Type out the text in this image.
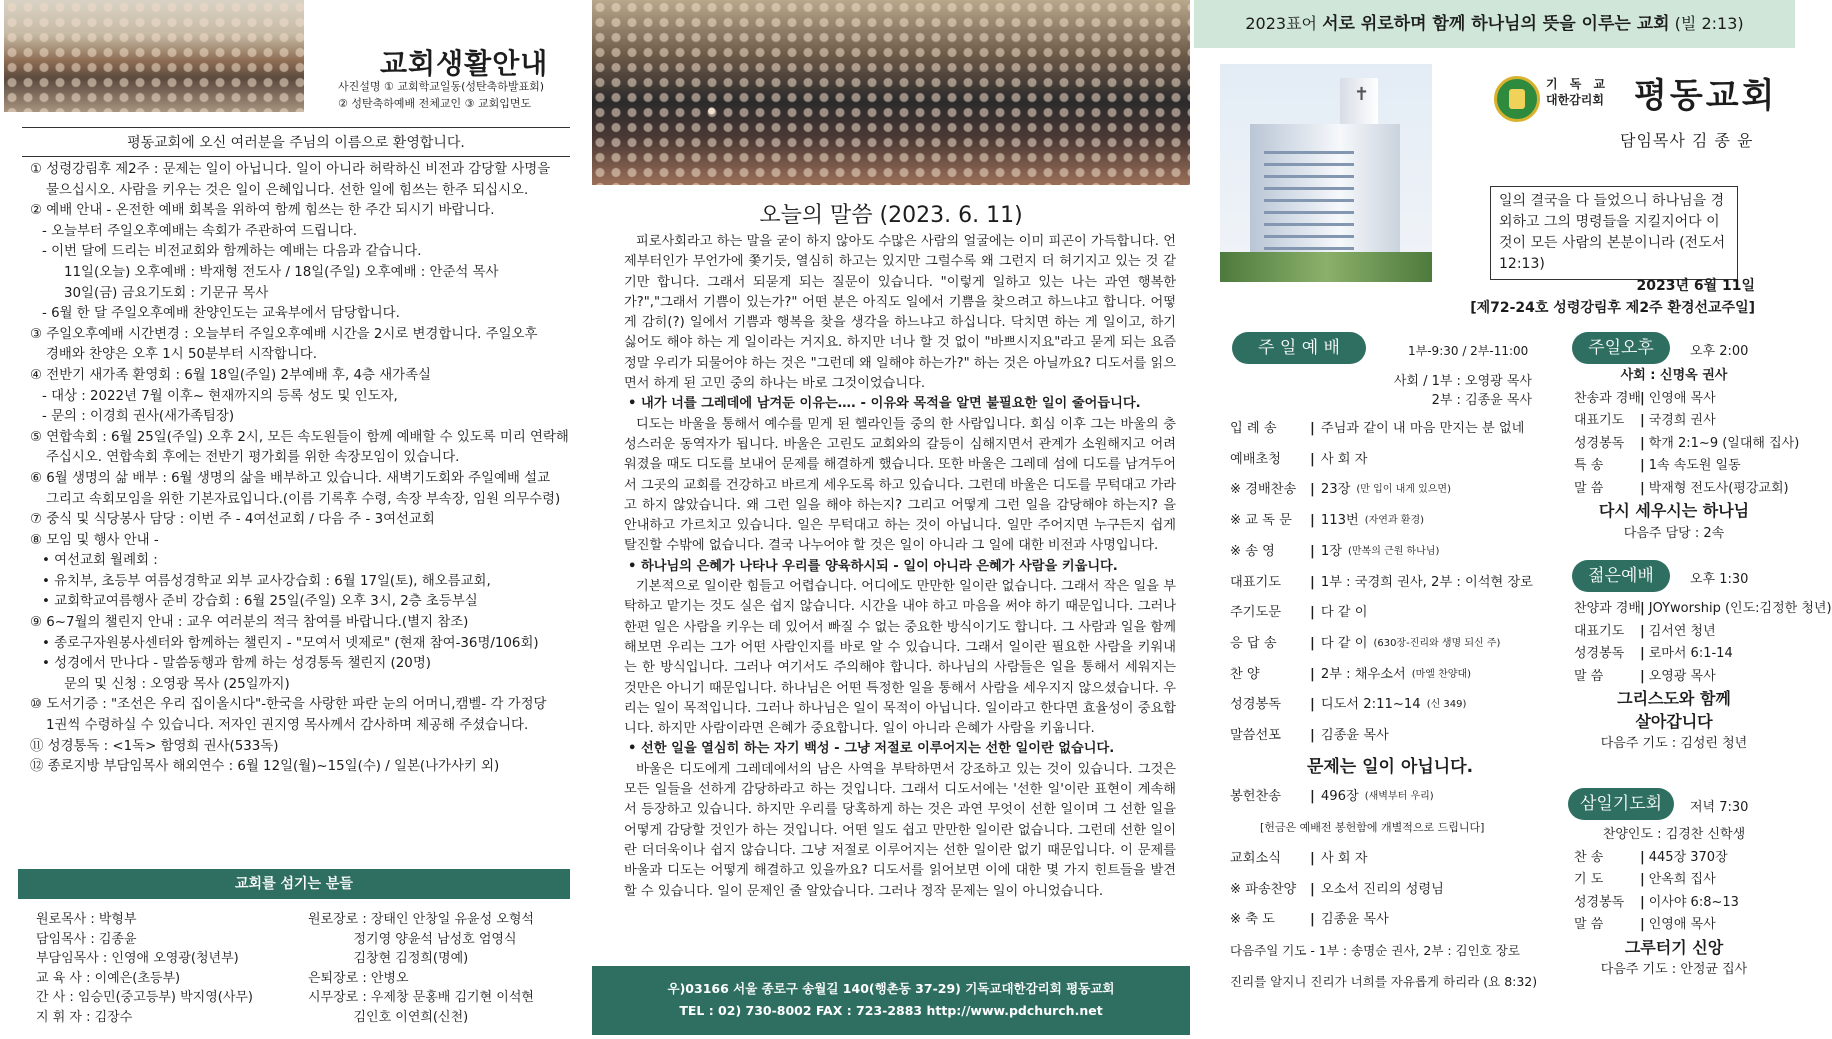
교회생활안내
사진설명 ① 교회학교일동(성탄축하발표회)
② 성탄축하예배 전체교인 ③ 교회입면도
평동교회에 오신 여러분을 주님의 이름으로 환영합니다.
① 성령강림후 제2주 : 문제는 일이 아닙니다. 일이 아니라 허락하신 비전과 감당할 사명을
물으십시오. 사람을 키우는 것은 일이 은혜입니다. 선한 일에 힘쓰는 한주 되십시오.
② 예배 안내 - 온전한 예배 회복을 위하여 함께 힘쓰는 한 주간 되시기 바랍니다.
- 오늘부터 주일오후예배는 속회가 주관하여 드립니다.
- 이번 달에 드리는 비전교회와 함께하는 예배는 다음과 같습니다.
11일(오늘) 오후예배 : 박재형 전도사 / 18일(주일) 오후예배 : 안준석 목사
30일(금) 금요기도회 : 기문규 목사
- 6월 한 달 주일오후예배 찬양인도는 교육부에서 담당합니다.
③ 주일오후예배 시간변경 : 오늘부터 주일오후예배 시간을 2시로 변경합니다. 주일오후
경배와 찬양은 오후 1시 50분부터 시작합니다.
④ 전반기 새가족 환영회 : 6월 18일(주일) 2부예배 후, 4층 새가족실
- 대상 : 2022년 7월 이후~ 현재까지의 등록 성도 및 인도자,
- 문의 : 이경희 권사(새가족팀장)
⑤ 연합속회 : 6월 25일(주일) 오후 2시, 모든 속도원들이 함께 예배할 수 있도록 미리 연락해
주십시오. 연합속회 후에는 전반기 평가회를 위한 속장모임이 있습니다.
⑥ 6월 생명의 삶 배부 : 6월 생명의 삶을 배부하고 있습니다. 새벽기도회와 주일예배 설교
그리고 속회모임을 위한 기본자료입니다.(이름 기록후 수령, 속장 부속장, 임원 의무수령)
⑦ 중식 및 식당봉사 담당 : 이번 주 - 4여선교회 / 다음 주 - 3여선교회
⑧ 모임 및 행사 안내 -
• 여선교회 월례회 :
• 유치부, 초등부 여름성경학교 외부 교사강습회 : 6월 17일(토), 해오름교회,
• 교회학교여름행사 준비 강습회 : 6월 25일(주일) 오후 3시, 2층 초등부실
⑨ 6~7월의 챌린지 안내 : 교우 여러분의 적극 참여를 바랍니다.(별지 참조)
• 종로구자원봉사센터와 함께하는 챌린지 - "모여서 넷제로" (현재 참여-36명/106회)
• 성경에서 만나다 - 말씀동행과 함께 하는 성경통독 챌린지 (20명)
문의 및 신청 : 오영광 목사 (25일까지)
⑩ 도서기증 : "조선은 우리 집이올시다"-한국을 사랑한 파란 눈의 어머니,캠벨- 각 가정당
1권씩 수령하실 수 있습니다. 저자인 권지영 목사께서 감사하며 제공해 주셨습니다.
⑪ 성경통독 : <1독> 함영희 권사(533독)
⑫ 종로지방 부담임목사 해외연수 : 6월 12일(월)~15일(수) / 일본(나가사키 외)
교회를 섬기는 분들
원로목사 : 박형부
담임목사 : 김종윤
부담임목사 : 인영애 오영광(청년부)
교 육 사 : 이예은(초등부)
간 사 : 임승민(중고등부) 박지영(사무)
지 휘 자 : 김장수
원로장로 : 장태인 안창일 유윤성 오형석
정기영 양윤석 남성호 엄영식
김창현 김정희(명예)
은퇴장로 : 안병오
시무장로 : 우제창 문홍배 김기현 이석현
김인호 이연희(신천)
오늘의 말씀 (2023. 6. 11)

피로사회라고 하는 말을 굳이 하지 않아도 수많은 사람의 얼굴에는 이미 피곤이 가득합니다. 언제부터인가 무언가에 쫓기듯, 열심히 하고는 있지만 그럴수록 왜 그런지 더 허기지고 있는 것 같기만 합니다. 그래서 되묻게 되는 질문이 있습니다. "이렇게 일하고 있는 나는 과연 행복한가?","그래서 기쁨이 있는가?" 어떤 분은 아직도 일에서 기쁨을 찾으려고 하느냐고 합니다. 어떻게 감히(?) 일에서 기쁨과 행복을 찾을 생각을 하느냐고 하십니다. 닥치면 하는 게 일이고, 하기 싫어도 해야 하는 게 일이라는 거지요. 하지만 너나 할 것 없이 "바쁘시지요"라고 묻게 되는 요즘 정말 우리가 되물어야 하는 것은 "그런데 왜 일해야 하는가?" 하는 것은 아닐까요? 디도서를 읽으면서 하게 된 고민 중의 하나는 바로 그것이었습니다.

• 내가 너를 그레데에 남겨둔 이유는…. - 이유와 목적을 알면 불필요한 일이 줄어듭니다.

디도는 바울을 통해서 예수를 믿게 된 헬라인들 중의 한 사람입니다. 회심 이후 그는 바울의 충성스러운 동역자가 됩니다. 바울은 고린도 교회와의 갈등이 심해지면서 관계가 소원해지고 어려워졌을 때도 디도를 보내어 문제를 해결하게 했습니다. 또한 바울은 그레데 섬에 디도를 남겨두어 서 그곳의 교회를 건강하고 바르게 세우도록 하고 있습니다. 그런데 바울은 디도를 무턱대고 가라고 하지 않았습니다. 왜 그런 일을 해야 하는지? 그리고 어떻게 그런 일을 감당해야 하는지? 을 안내하고 가르치고 있습니다. 일은 무턱대고 하는 것이 아닙니다. 일만 주어지면 누구든지 쉽게 탈진할 수밖에 없습니다. 결국 나누어야 할 것은 일이 아니라 그 일에 대한 비전과 사명입니다.

• 하나님의 은혜가 나타나 우리를 양육하시되 - 일이 아니라 은혜가 사람을 키웁니다.

기본적으로 일이란 힘들고 어렵습니다. 어디에도 만만한 일이란 없습니다. 그래서 작은 일을 부탁하고 맡기는 것도 실은 쉽지 않습니다. 시간을 내야 하고 마음을 써야 하기 때문입니다. 그러나 한편 일은 사람을 키우는 데 있어서 빠질 수 없는 중요한 방식이기도 합니다. 그 사람과 일을 함께 해보면 우리는 그가 어떤 사람인지를 바로 알 수 있습니다. 그래서 일이란 필요한 사람을 키워내는 한 방식입니다. 그러나 여기서도 주의해야 합니다. 하나님의 사람들은 일을 통해서 세워지는 것만은 아니기 때문입니다. 하나님은 어떤 특정한 일을 통해서 사람을 세우지지 않으셨습니다. 우리는 일이 목적입니다. 그러나 하나님은 일이 목적이 아닙니다. 일이라고 한다면 효율성이 중요합니다. 하지만 사람이라면 은혜가 중요합니다. 일이 아니라 은혜가 사람을 키웁니다.

• 선한 일을 열심히 하는 자기 백성 - 그냥 저절로 이루어지는 선한 일이란 없습니다.

바울은 디도에게 그레데에서의 남은 사역을 부탁하면서 강조하고 있는 것이 있습니다. 그것은 모든 일들을 선하게 감당하라고 하는 것입니다. 그래서 디도서에는 '선한 일'이란 표현이 계속해서 등장하고 있습니다. 하지만 우리를 당혹하게 하는 것은 과연 무엇이 선한 일이며 그 선한 일을 어떻게 감당할 것인가 하는 것입니다. 어떤 일도 쉽고 만만한 일이란 없습니다. 그런데 선한 일이란 더더욱이나 쉽지 않습니다. 그냥 저절로 이루어지는 선한 일이란 없기 때문입니다. 이 문제를 바울과 디도는 어떻게 해결하고 있을까요? 디도서를 읽어보면 이에 대한 몇 가지 힌트들을 발견할 수 있습니다. 일이 문제인 줄 알았습니다. 그러나 정작 문제는 일이 아니었습니다.

우)03166 서울 종로구 송월길 140(행촌동 37-29) 기독교대한감리회 평동교회
TEL : 02) 730-8002 FAX : 723-2883 http://www.pdchurch.net
2023표어 서로 위로하며 함께 하나님의 뜻을 이루는 교회 (빌 2:13)
✝	기 독 교
대한감리회 평동교회
담임목사 김 종 윤
일의 결국을 다 들었으니 하나님을 경외하고 그의 명령들을 지킬지어다 이것이 모든 사람의 본분이니라 (전도서 12:13)
2023년 6월 11일
[제72-24호 성령강림후 제2주 환경선교주일]
주 일 예 배	1부-9:30 / 2부-11:00
사회 / 1부 : 오영광 목사
2부 : 김종윤 목사
입 례 송	| 주님과 같이 내 마음 만지는 분 없네
예배초청	| 사 회 자
※ 경배찬송	| 23장 (만 입이 내게 있으면)
※ 교 독 문	| 113번 (자연과 환경)
※ 송 영	| 1장 (만복의 근원 하나님)
대표기도	| 1부 : 국경희 권사, 2부 : 이석현 장로
주기도문	| 다 같 이
응 답 송	| 다 같 이 (630장-진리와 생명 되신 주)
찬 양	| 2부 : 채우소서 (마엘 찬양대)
성경봉독	| 디도서 2:11~14 (신 349)
말씀선포	| 김종윤 목사
문제는 일이 아닙니다.
봉헌찬송	| 496장 (새벽부터 우리)
[헌금은 예배전 봉헌함에 개별적으로 드립니다]
교회소식	| 사 회 자
※ 파송찬양	| 오소서 진리의 성령님
※ 축 도	| 김종윤 목사
다음주일 기도 - 1부 : 송명순 권사, 2부 : 김인호 장로
진리를 알지니 진리가 너희를 자유롭게 하리라 (요 8:32)
주일오후	오후 2:00
사회 : 신명옥 권사
찬송과 경배| 인영애 목사
대표기도 | 국경희 권사
성경봉독 | 학개 2:1~9 (일대해 집사)
특 송	| 1속 속도원 일동
말 씀	| 박재형 전도사(평강교회)
다시 세우시는 하나님
다음주 담당 : 2속
젊은예배	오후 1:30
찬양과 경배| JOYworship (인도:김정한 청년)
대표기도 | 김서연 청년
성경봉독 | 로마서 6:1-14
말 씀	| 오영광 목사
그리스도와 함께
살아갑니다
다음주 기도 : 김성린 청년
삼일기도회	저녁 7:30
찬양인도 : 김경찬 신학생
찬 송	| 445장 370장
기 도	| 안옥희 집사
성경봉독 | 이사야 6:8~13
말 씀	| 인영애 목사
그루터기 신앙
다음주 기도 : 안정균 집사
